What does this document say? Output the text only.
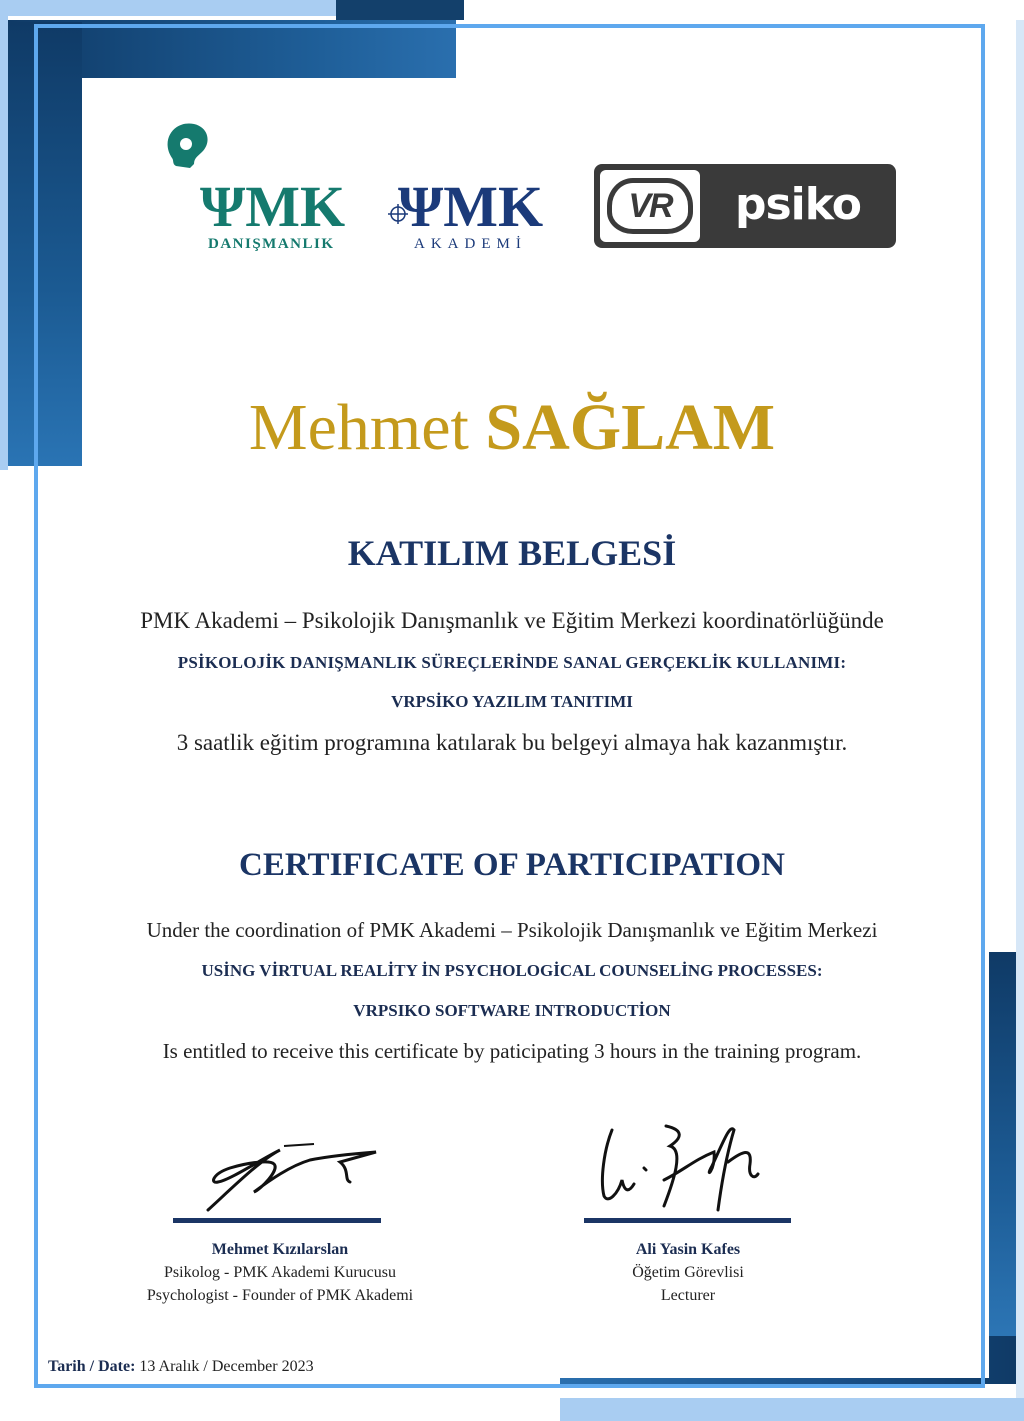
ΨMK
DANIŞMANLIK
ΨMK
AKADEMİ
VR	psiko
Mehmet SAĞLAM
KATILIM BELGESİ
PMK Akademi – Psikolojik Danışmanlık ve Eğitim Merkezi koordinatörlüğünde
PSİKOLOJİK DANIŞMANLIK SÜREÇLERİNDE SANAL GERÇEKLİK KULLANIMI:
VRPSİKO YAZILIM TANITIMI
3 saatlik eğitim programına katılarak bu belgeyi almaya hak kazanmıştır.
CERTIFICATE OF PARTICIPATION
Under the coordination of PMK Akademi – Psikolojik Danışmanlık ve Eğitim Merkezi
USİNG VİRTUAL REALİTY İN PSYCHOLOGİCAL COUNSELİNG PROCESSES:
VRPSIKO SOFTWARE INTRODUCTİON
Is entitled to receive this certificate by paticipating 3 hours in the training program.
Mehmet Kızılarslan
Psikolog - PMK Akademi Kurucusu
Psychologist - Founder of PMK Akademi
Ali Yasin Kafes
Öğetim Görevlisi
Lecturer
Tarih / Date: 13 Aralık / December 2023
